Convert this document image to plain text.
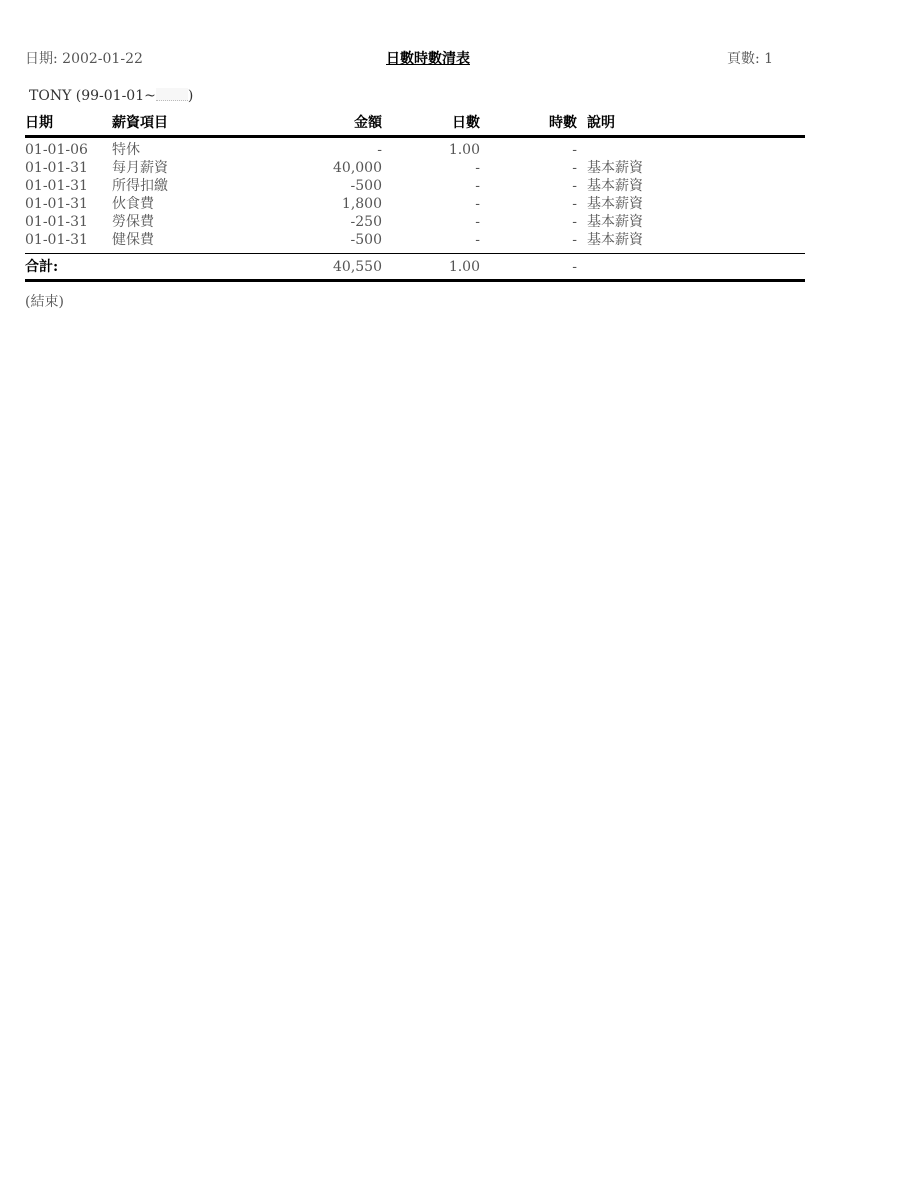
日期: 2002-01-22	日數時數清表	頁數: 1
TONY (99-01-01~ )
日期	薪資項目	金額	日數	時數 說明
01-01-06 特休	-	1.00	-
01-01-31 每月薪資	40,000	-	- 基本薪資
01-01-31 所得扣繳	-500	-	- 基本薪資
01-01-31 伙食費	1,800	-	- 基本薪資
01-01-31 勞保費	-250	-	- 基本薪資
01-01-31 健保費	-500	-	- 基本薪資
合計:	40,550	1.00	-
(結束)
